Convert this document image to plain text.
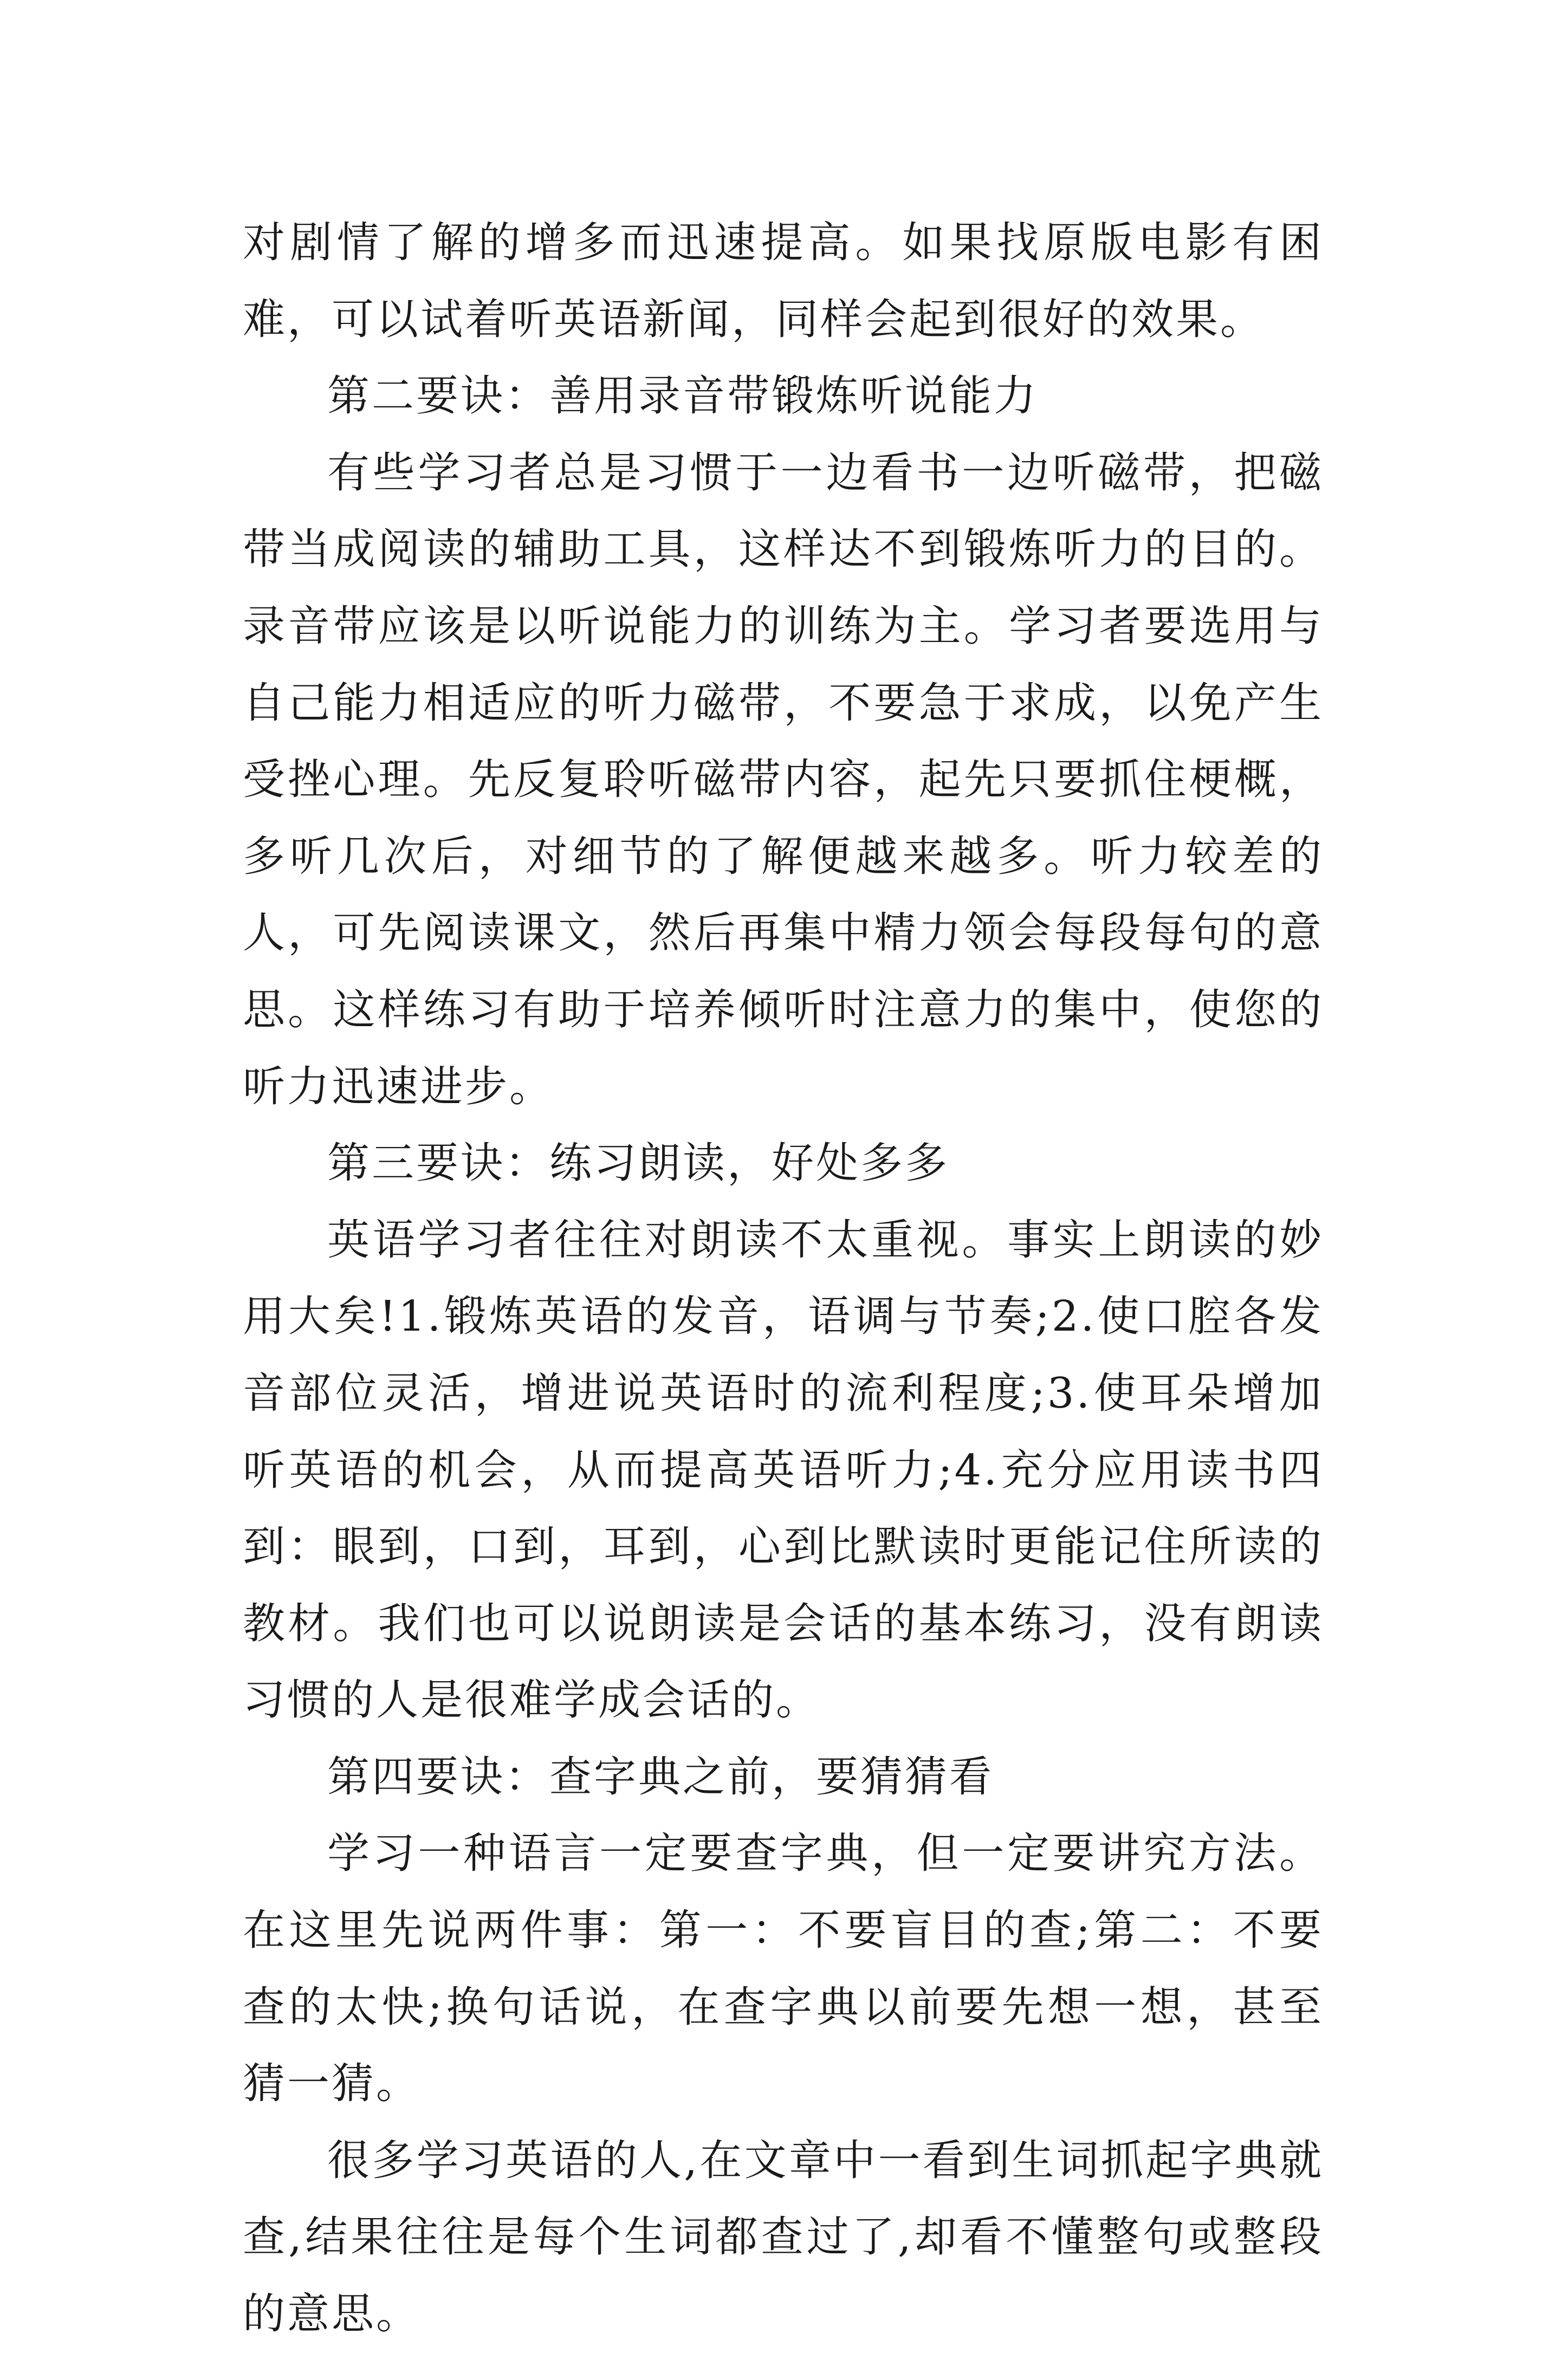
对剧情了解的增多而迅速提高。如果找原版电影有困难，可以试着听英语新闻，同样会起到很好的效果。

第二要诀：善用录音带锻炼听说能力

有些学习者总是习惯于一边看书一边听磁带，把磁带当成阅读的辅助工具，这样达不到锻炼听力的目的。录音带应该是以听说能力的训练为主。学习者要选用与自己能力相适应的听力磁带，不要急于求成，以免产生受挫心理。先反复聆听磁带内容，起先只要抓住梗概，多听几次后，对细节的了解便越来越多。听力较差的人，可先阅读课文，然后再集中精力领会每段每句的意思。这样练习有助于培养倾听时注意力的集中，使您的听力迅速进步。

第三要诀：练习朗读，好处多多

英语学习者往往对朗读不太重视。事实上朗读的妙用大矣!1.锻炼英语的发音，语调与节奏;2.使口腔各发音部位灵活，增进说英语时的流利程度;3.使耳朵增加听英语的机会，从而提高英语听力;4.充分应用读书四到：眼到，口到，耳到，心到比默读时更能记住所读的教材。我们也可以说朗读是会话的基本练习，没有朗读习惯的人是很难学成会话的。

第四要诀：查字典之前，要猜猜看

学习一种语言一定要查字典，但一定要讲究方法。在这里先说两件事：第一：不要盲目的查;第二：不要查的太快;换句话说，在查字典以前要先想一想，甚至猜一猜。

很多学习英语的人,在文章中一看到生词抓起字典就查,结果往往是每个生词都查过了,却看不懂整句或整段的意思。
